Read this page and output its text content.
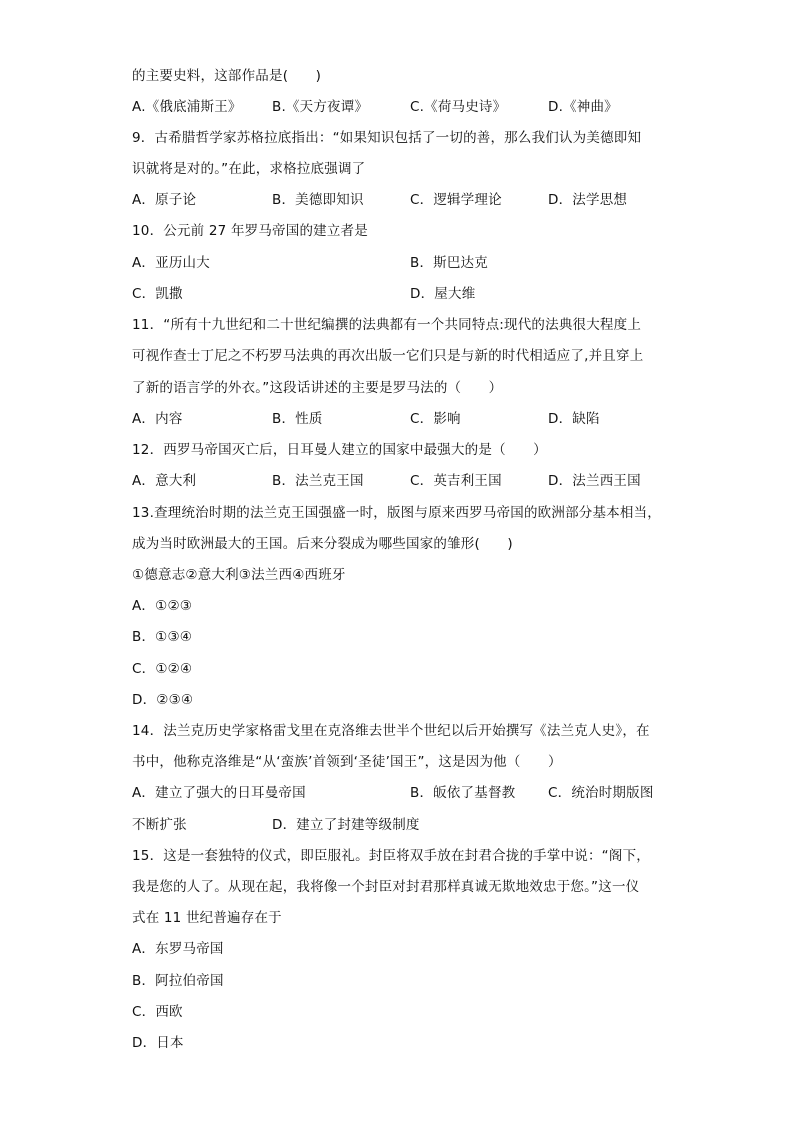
的主要史料，这部作品是(　　)
A.《俄底浦斯王》 B.《天方夜谭》	C.《荷马史诗》	D.《神曲》
9．古希腊哲学家苏格拉底指出：“如果知识包括了一切的善，那么我们认为美德即知
识就将是对的。”在此，求格拉底强调了
A．原子论	B．美德即知识	C．逻辑学理论	D．法学思想
10．公元前 27 年罗马帝国的建立者是
A．亚历山大	B．斯巴达克
C．凯撒	D．屋大维
11．“所有十九世纪和二十世纪编撰的法典都有一个共同特点:现代的法典很大程度上
可视作查士丁尼之不朽罗马法典的再次出版一它们只是与新的时代相适应了,并且穿上
了新的语言学的外衣。”这段话讲述的主要是罗马法的（　　）
A．内容	B．性质	C．影响	D．缺陷
12．西罗马帝国灭亡后，日耳曼人建立的国家中最强大的是（　　）
A．意大利	B．法兰克王国	C．英吉利王国	D．法兰西王国
13.查理统治时期的法兰克王国强盛一时，版图与原来西罗马帝国的欧洲部分基本相当，
成为当时欧洲最大的王国。后来分裂成为哪些国家的雏形(　　)
①德意志②意大利③法兰西④西班牙
A．①②③
B．①③④
C．①②④
D．②③④
14．法兰克历史学家格雷戈里在克洛维去世半个世纪以后开始撰写《法兰克人史》，在
书中，他称克洛维是“从‘蛮族’首领到‘圣徒’国王”，这是因为他（　　）
A．建立了强大的日耳曼帝国	B．皈依了基督教 C．统治时期版图
不断扩张	D．建立了封建等级制度
15．这是一套独特的仪式，即臣服礼。封臣将双手放在封君合拢的手掌中说：“阁下，
我是您的人了。从现在起，我将像一个封臣对封君那样真诚无欺地效忠于您。”这一仪
式在 11 世纪普遍存在于
A．东罗马帝国
B．阿拉伯帝国
C．西欧
D．日本
